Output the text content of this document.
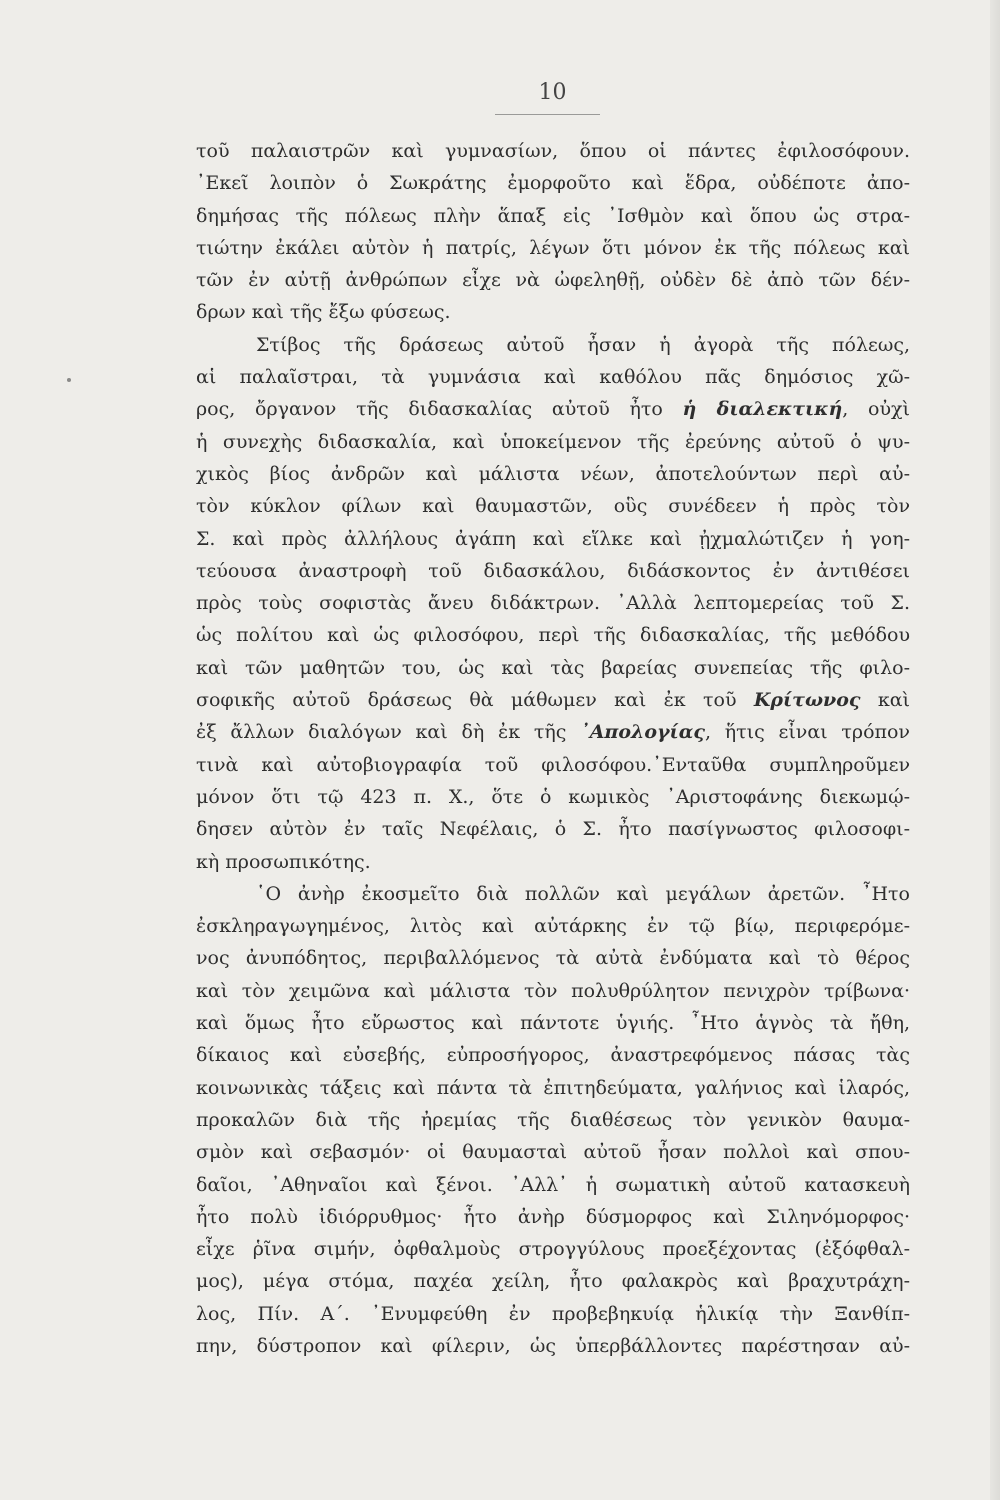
10
τοῦ παλαιστρῶν καὶ γυμνασίων, ὅπου οἱ πάντες ἐφιλοσόφουν.
᾿Εκεῖ λοιπὸν ὁ Σωκράτης ἐμορφοῦτο καὶ ἕδρα, οὐδέποτε ἀπο-
δημήσας τῆς πόλεως πλὴν ἅπαξ εἰς ᾿Ισθμὸν καὶ ὅπου ὡς στρα-
τιώτην ἐκάλει αὐτὸν ἡ πατρίς, λέγων ὅτι μόνον ἐκ τῆς πόλεως καὶ
τῶν ἐν αὐτῇ ἀνθρώπων εἶχε νὰ ὠφεληθῇ, οὐδὲν δὲ ἀπὸ τῶν δέν-
δρων καὶ τῆς ἔξω φύσεως.
Στίβος τῆς δράσεως αὐτοῦ ἦσαν ἡ ἀγορὰ τῆς πόλεως,
αἱ παλαῖστραι, τὰ γυμνάσια καὶ καθόλου πᾶς δημόσιος χῶ-
ρος, ὄργανον τῆς διδασκαλίας αὐτοῦ ἦτο ἡ διαλεκτική, οὐχὶ
ἡ συνεχὴς διδασκαλία, καὶ ὑποκείμενον τῆς ἐρεύνης αὐτοῦ ὁ ψυ-
χικὸς βίος ἀνδρῶν καὶ μάλιστα νέων, ἀποτελούντων περὶ αὐ-
τὸν κύκλον φίλων καὶ θαυμαστῶν, οὓς συνέδεεν ἡ πρὸς τὸν
Σ. καὶ πρὸς ἀλλήλους ἀγάπη καὶ εἵλκε καὶ ᾐχμαλώτιζεν ἡ γοη-
τεύουσα ἀναστροφὴ τοῦ διδασκάλου, διδάσκοντος ἐν ἀντιθέσει
πρὸς τοὺς σοφιστὰς ἄνευ διδάκτρων. ᾿Αλλὰ λεπτομερείας τοῦ Σ.
ὡς πολίτου καὶ ὡς φιλοσόφου, περὶ τῆς διδασκαλίας, τῆς μεθόδου
καὶ τῶν μαθητῶν του, ὡς καὶ τὰς βαρείας συνεπείας τῆς φιλο-
σοφικῆς αὐτοῦ δράσεως θὰ μάθωμεν καὶ ἐκ τοῦ Κρίτωνος καὶ
ἐξ ἄλλων διαλόγων καὶ δὴ ἐκ τῆς ᾿Απολογίας, ἥτις εἶναι τρόπον
τινὰ καὶ αὐτοβιογραφία τοῦ φιλοσόφου.᾿Ενταῦθα συμπληροῦμεν
μόνον ὅτι τῷ 423 π. Χ., ὅτε ὁ κωμικὸς ᾿Αριστοφάνης διεκωμῴ-
δησεν αὐτὸν ἐν ταῖς Νεφέλαις, ὁ Σ. ἦτο πασίγνωστος φιλοσοφι-
κὴ προσωπικότης.
῾Ο ἀνὴρ ἐκοσμεῖτο διὰ πολλῶν καὶ μεγάλων ἀρετῶν. ῏Ητο
ἐσκληραγωγημένος, λιτὸς καὶ αὐτάρκης ἐν τῷ βίῳ, περιφερόμε-
νος ἀνυπόδητος, περιβαλλόμενος τὰ αὐτὰ ἐνδύματα καὶ τὸ θέρος
καὶ τὸν χειμῶνα καὶ μάλιστα τὸν πολυθρύλητον πενιχρὸν τρίβωνα·
καὶ ὅμως ἦτο εὔρωστος καὶ πάντοτε ὑγιής. ῏Ητο ἁγνὸς τὰ ἤθη,
δίκαιος καὶ εὐσεβής, εὐπροσήγορος, ἀναστρεφόμενος πάσας τὰς
κοινωνικὰς τάξεις καὶ πάντα τὰ ἐπιτηδεύματα, γαλήνιος καὶ ἱλαρός,
προκαλῶν διὰ τῆς ἠρεμίας τῆς διαθέσεως τὸν γενικὸν θαυμα-
σμὸν καὶ σεβασμόν· οἱ θαυμασταὶ αὐτοῦ ἦσαν πολλοὶ καὶ σπου-
δαῖοι, ᾿Αθηναῖοι καὶ ξένοι. ᾿Αλλ᾿ ἡ σωματικὴ αὐτοῦ κατασκευὴ
ἦτο πολὺ ἰδιόρρυθμος· ἦτο ἀνὴρ δύσμορφος καὶ Σιληνόμορφος·
εἶχε ῥῖνα σιμήν, ὀφθαλμοὺς στρογγύλους προεξέχοντας (ἐξόφθαλ-
μος), μέγα στόμα, παχέα χείλη, ἦτο φαλακρὸς καὶ βραχυτράχη-
λος, Πίν. Α΄. ᾿Ενυμφεύθη ἐν προβεβηκυίᾳ ἡλικίᾳ τὴν Ξανθίπ-
πην, δύστροπον καὶ φίλεριν, ὡς ὑπερβάλλοντες παρέστησαν αὐ-
